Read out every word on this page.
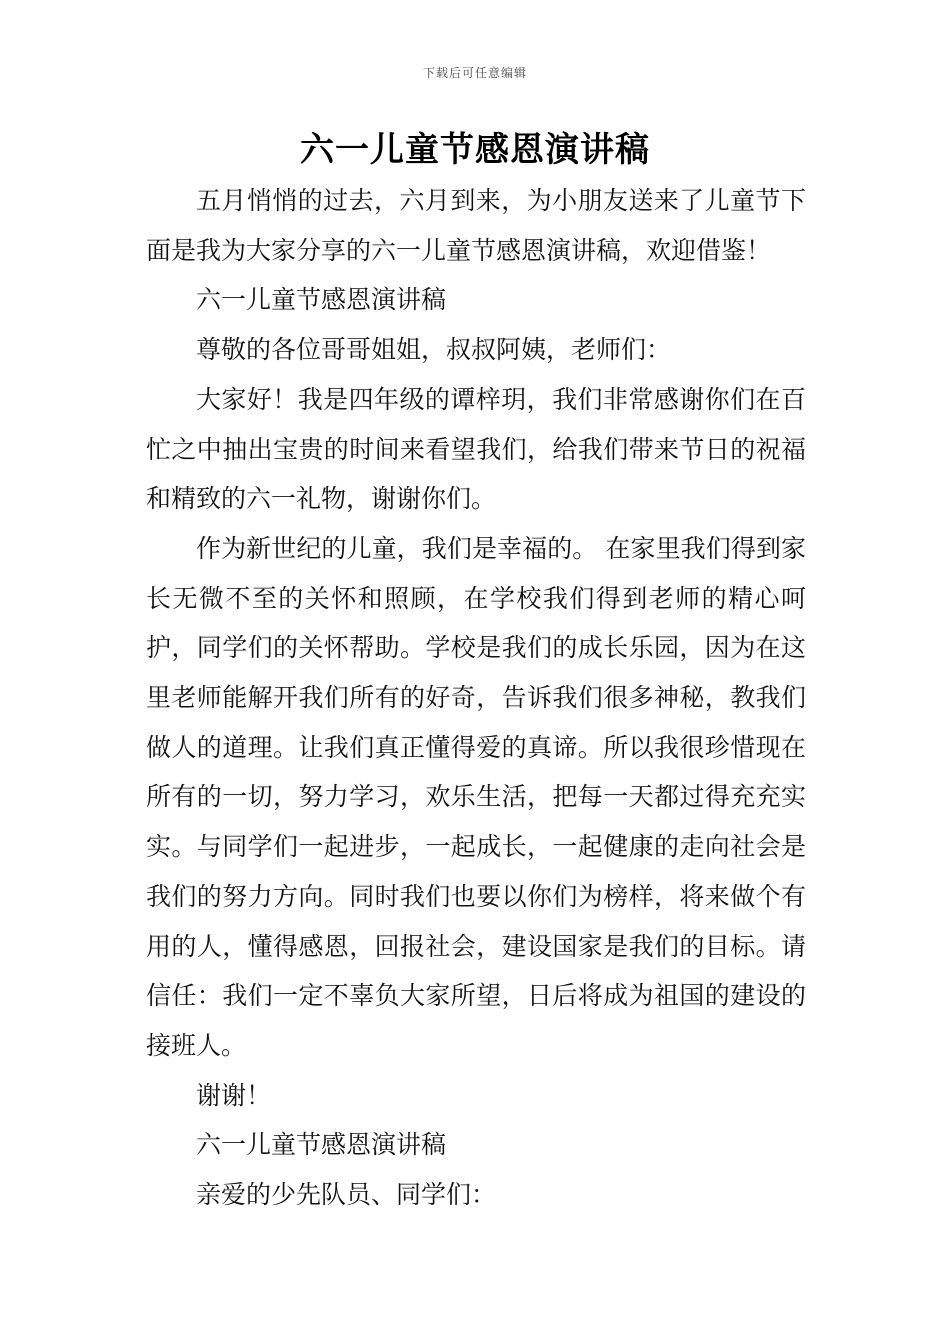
下载后可任意编辑
六一儿童节感恩演讲稿

五月悄悄的过去，六月到来，为小朋友送来了儿童节下面是我为大家分享的六一儿童节感恩演讲稿，欢迎借鉴！

六一儿童节感恩演讲稿

尊敬的各位哥哥姐姐，叔叔阿姨，老师们：

大家好！我是四年级的谭梓玥，我们非常感谢你们在百忙之中抽出宝贵的时间来看望我们，给我们带来节日的祝福和精致的六一礼物，谢谢你们。

作为新世纪的儿童，我们是幸福的。 在家里我们得到家长无微不至的关怀和照顾，在学校我们得到老师的精心呵护，同学们的关怀帮助。学校是我们的成长乐园，因为在这里老师能解开我们所有的好奇，告诉我们很多神秘，教我们做人的道理。让我们真正懂得爱的真谛。所以我很珍惜现在所有的一切，努力学习，欢乐生活，把每一天都过得充充实实。与同学们一起进步，一起成长，一起健康的走向社会是我们的努力方向。同时我们也要以你们为榜样，将来做个有用的人，懂得感恩，回报社会，建设国家是我们的目标。请信任：我们一定不辜负大家所望，日后将成为祖国的建设的接班人。

谢谢！

六一儿童节感恩演讲稿

亲爱的少先队员、同学们：
